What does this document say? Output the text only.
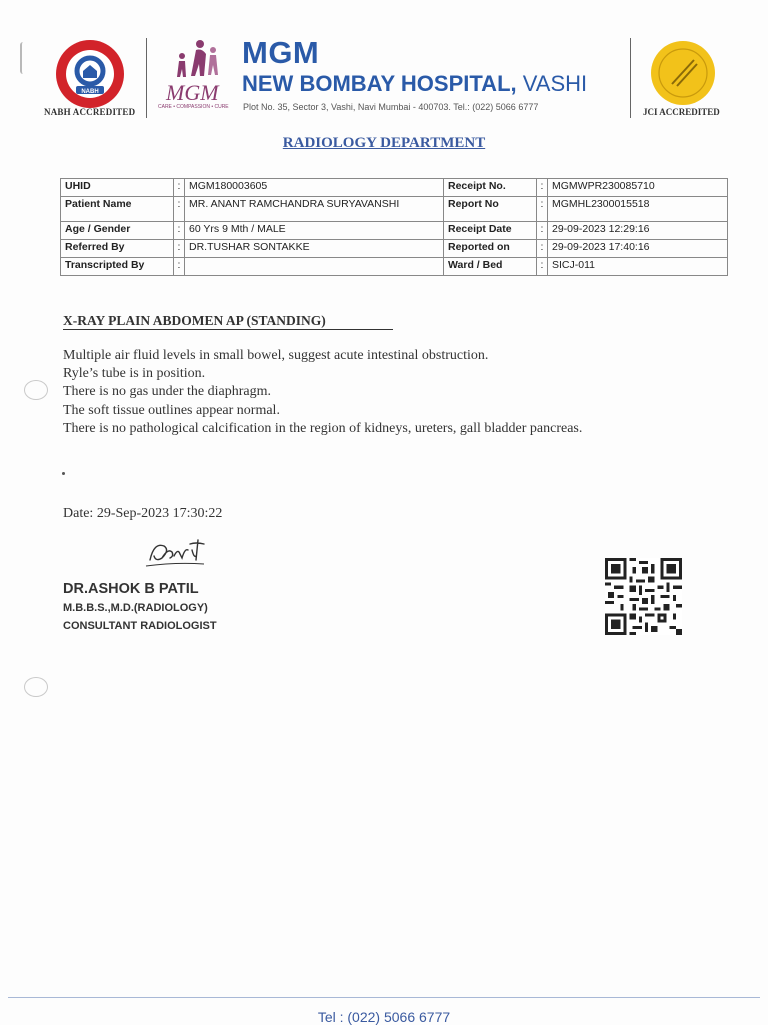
NABH
NABH ACCREDITED
MGM
CARE • COMPASSION • CURE
MGM
NEW BOMBAY HOSPITAL, VASHI
Plot No. 35, Sector 3, Vashi, Navi Mumbai - 400703. Tel.: (022) 5066 6777	JCI ACCREDITED
RADIOLOGY DEPARTMENT
UHID	:	MGM180003605	Receipt No.	:	MGMWPR230085710
Patient Name	:	MR. ANANT RAMCHANDRA SURYAVANSHI	Report No	:	MGMHL2300015518
Age / Gender	:	60 Yrs 9 Mth / MALE	Receipt Date	:	29-09-2023 12:29:16
Referred By	:	DR.TUSHAR SONTAKKE	Reported on	:	29-09-2023 17:40:16
Transcripted By	:		Ward / Bed	:	SICJ-011
X-RAY PLAIN ABDOMEN AP (STANDING)
Multiple air fluid levels in small bowel, suggest acute intestinal obstruction.
Ryle’s tube is in position.
There is no gas under the diaphragm.
The soft tissue outlines appear normal.
There is no pathological calcification in the region of kidneys, ureters, gall bladder pancreas.
Date: 29-Sep-2023 17:30:22
DR.ASHOK B PATIL
M.B.B.S.,M.D.(RADIOLOGY)
CONSULTANT RADIOLOGIST
Tel : (022) 5066 6777
